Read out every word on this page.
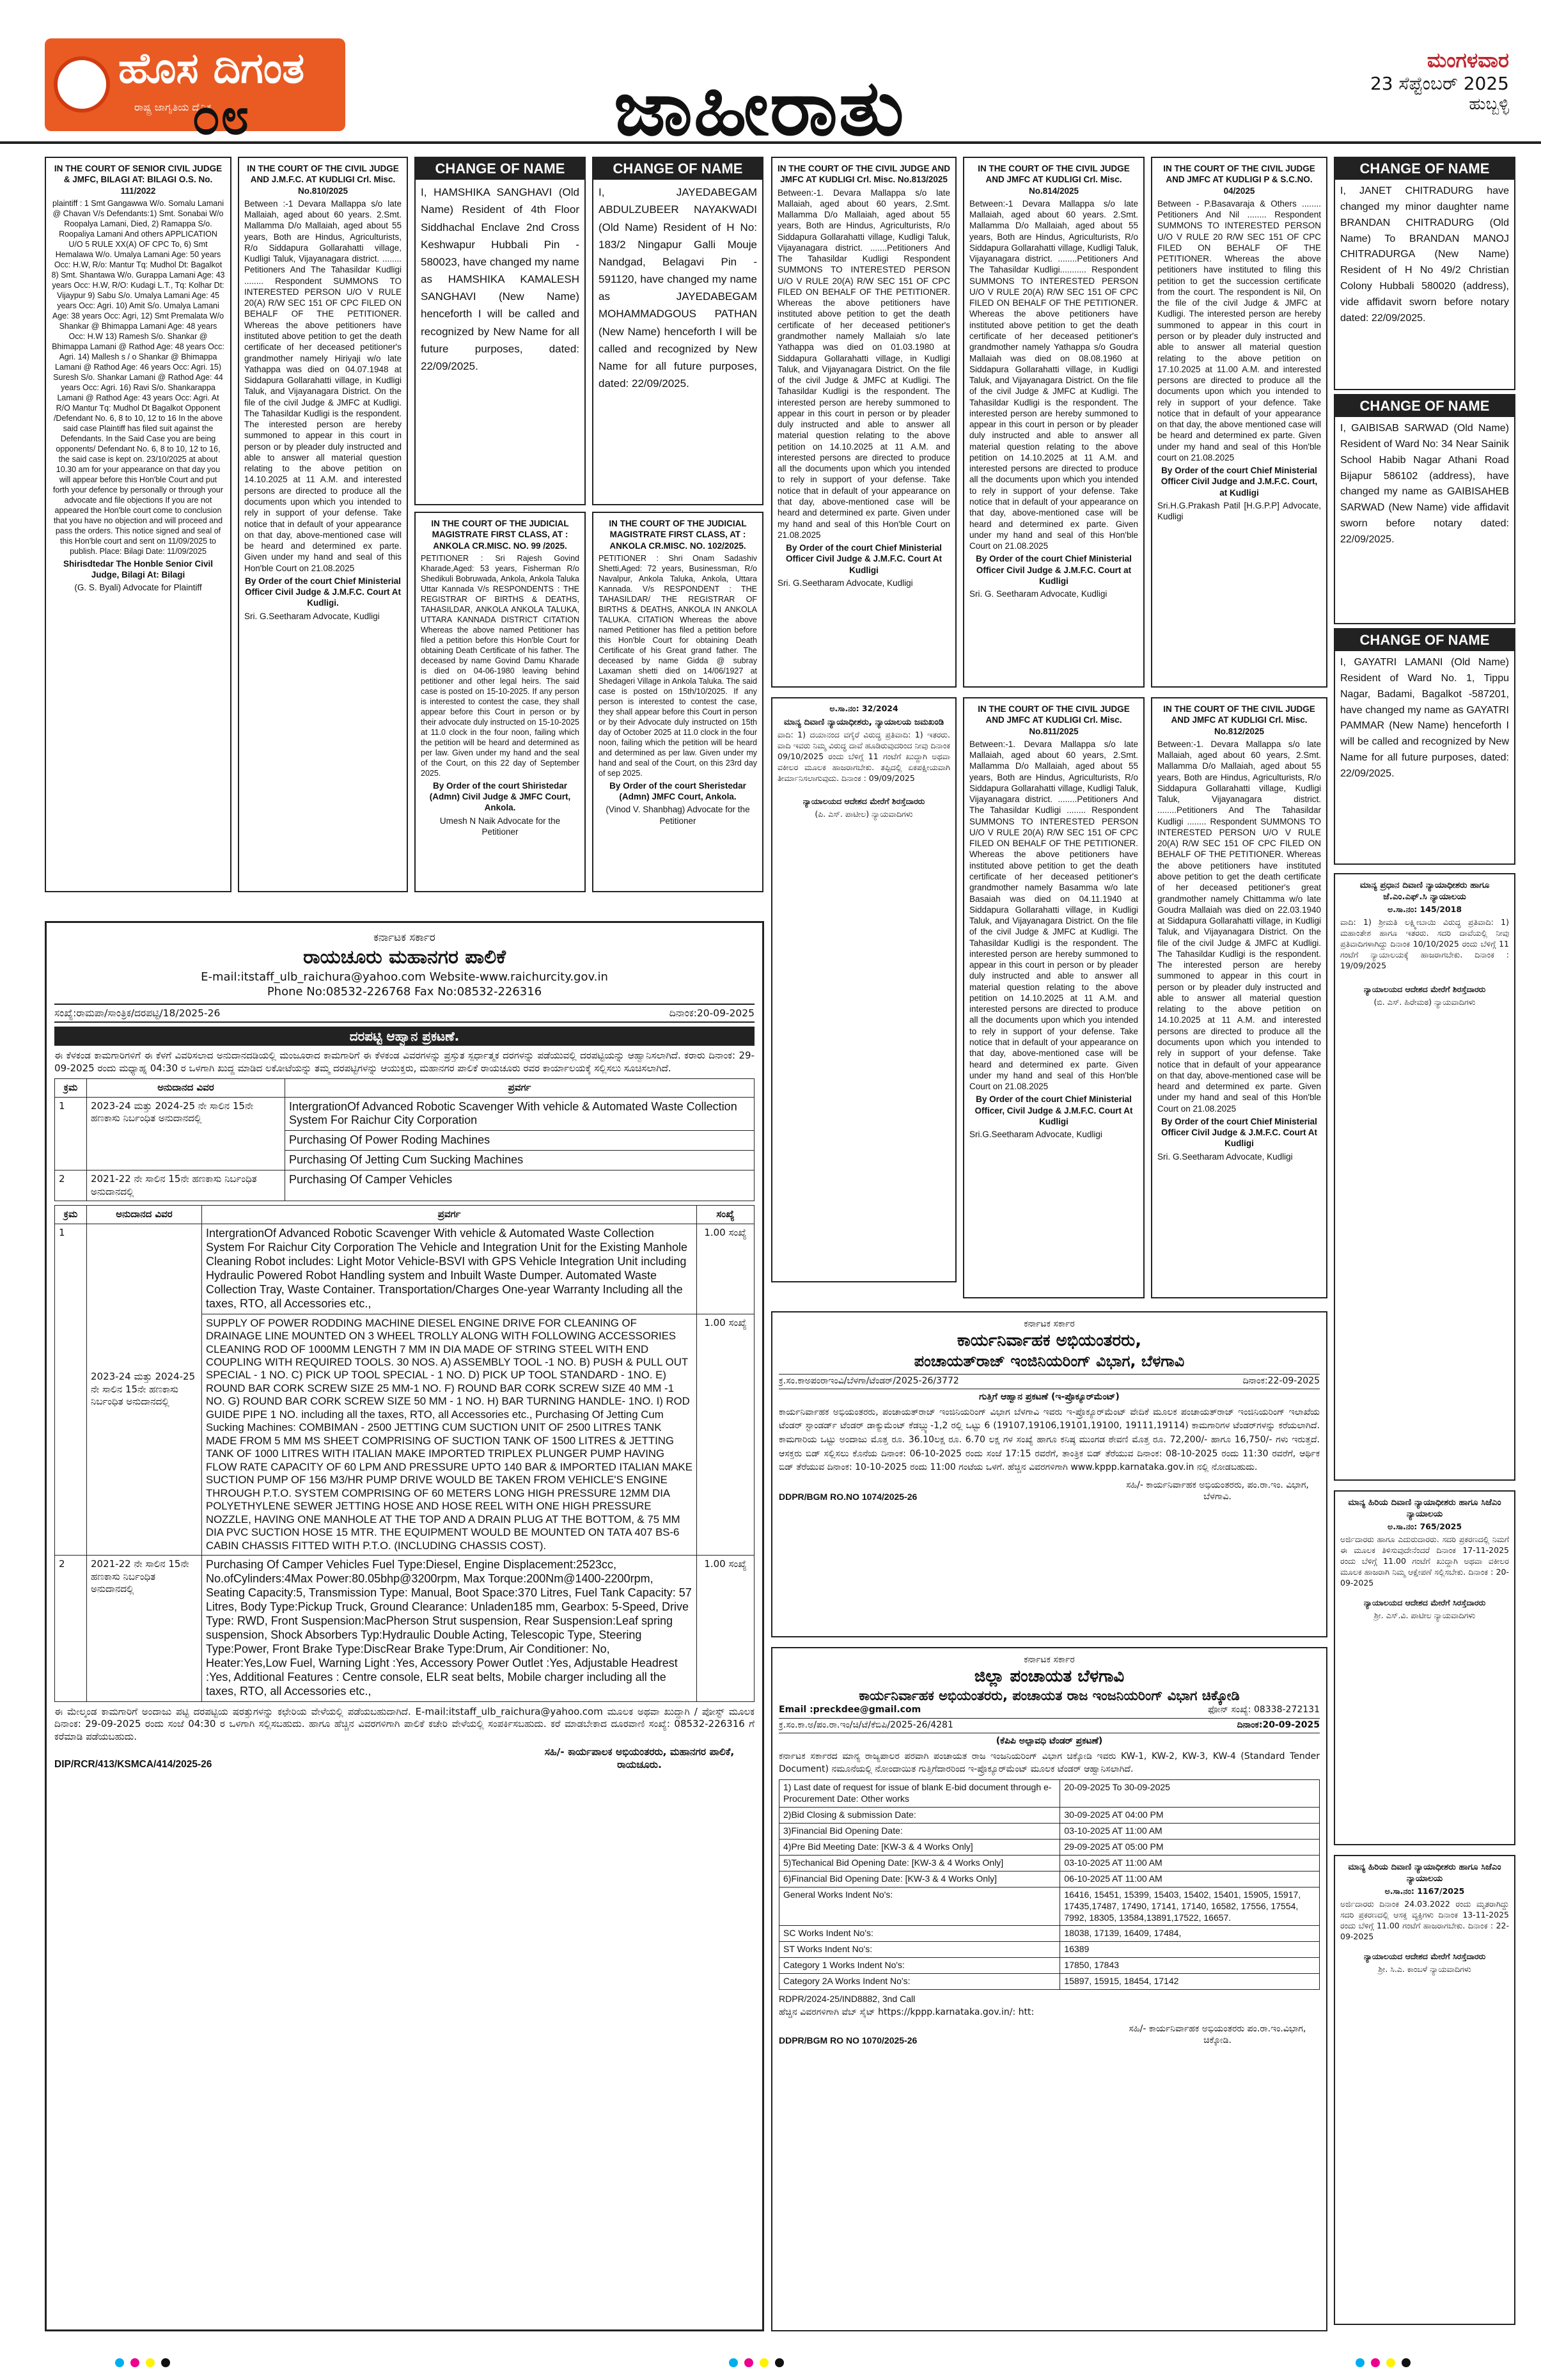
ಹೊಸ ದಿಗಂತ
ರಾಷ್ಟ್ರ ಜಾಗೃತಿಯ ದೈನಿಕ
೦೮	ಜಾಹೀರಾತು
ಮಂಗಳವಾರ
23 ಸೆಪ್ಟೆಂಬರ್ 2025
ಹುಬ್ಬಳ್ಳಿ
IN THE COURT OF SENIOR CIVIL JUDGE & JMFC, BILAGI AT: BILAGI O.S. No. 111/2022

plaintiff : 1 Smt Gangawwa W/o. Somalu Lamani @ Chavan V/s Defendants:1) Smt. Sonabai W/o Roopalya Lamani, Died, 2) Ramappa S/o. Roopaliya Lamani And others APPLICATION U/O 5 RULE XX(A) OF CPC To, 6) Smt Hemalawa W/o. Umalya Lamani Age: 50 years Occ: H.W, R/o: Mantur Tq: Mudhol Dt: Bagalkot 8) Smt. Shantawa W/o. Gurappa Lamani Age: 43 years Occ: H.W, R/O: Kudagi L.T., Tq: Kolhar Dt: Vijaypur 9) Sabu S/o. Umalya Lamani Age: 45 years Occ: Agri. 10) Amit S/o. Umalya Lamani Age: 38 years Occ: Agri, 12) Smt Premalata W/o Shankar @ Bhimappa Lamani Age: 48 years Occ: H.W 13) Ramesh S/o. Shankar @ Bhimappa Lamani @ Rathod Age: 48 years Occ: Agri. 14) Mallesh s / o Shankar @ Bhimappa Lamani @ Rathod Age: 46 years Occ: Agri. 15) Suresh S/o. Shankar Lamani @ Rathod Age: 44 years Occ: Agri. 16) Ravi S/o. Shankarappa Lamani @ Rathod Age: 43 years Occ: Agri. At R/O Mantur Tq: Mudhol Dt Bagalkot Opponent /Defendant No. 6, 8 to 10, 12 to 16 In the above said case Plaintiff has filed suit against the Defendants. In the Said Case you are being opponents/ Defendant No. 6, 8 to 10, 12 to 16, the said case is kept on. 23/10/2025 at about 10.30 am for your appearance on that day you will appear before this Hon'ble Court and put forth your defence by personally or through your advocate and file objections If you are not appeared the Hon'ble court come to conclusion that you have no objection and will proceed and pass the orders. This notice signed and seal of this Hon'ble court and sent on 11/09/2025 to publish. Place: Bilagi Date: 11/09/2025

Shirisdtedar The Honble Senior Civil Judge, Bilagi At: Bilagi

(G. S. Byali) Advocate for Plaintiff

IN THE COURT OF THE CIVIL JUDGE AND J.M.F.C. AT KUDLIGI Crl. Misc. No.810/2025

Between :-1 Devara Mallappa s/o late Mallaiah, aged about 60 years. 2.Smt. Mallamma D/o Mallaiah, aged about 55 years, Both are Hindus, Agriculturists, R/o Siddapura Gollarahatti village, Kudligi Taluk, Vijayanagara district. ........ Petitioners And The Tahasildar Kudligi ........ Respondent SUMMONS TO INTERESTED PERSON U/O V RULE 20(A) R/W SEC 151 OF CPC FILED ON BEHALF OF THE PETITIONER. Whereas the above petitioners have instituted above petition to get the death certificate of her deceased petitioner's grandmother namely Hiriyaji w/o late Yathappa was died on 04.07.1948 at Siddapura Gollarahatti village, in Kudligi Taluk, and Vijayanagara District. On the file of the civil Judge & JMFC at Kudligi. The Tahasildar Kudligi is the respondent. The interested person are hereby summoned to appear in this court in person or by pleader duly instructed and able to answer all material question relating to the above petition on 14.10.2025 at 11 A.M. and interested persons are directed to produce all the documents upon which you intended to rely in support of your defense. Take notice that in default of your appearance on that day, above-mentioned case will be heard and determined ex parte. Given under my hand and seal of this Hon'ble Court on 21.08.2025

By Order of the court Chief Ministerial Officer Civil Judge & J.M.F.C. Court At Kudligi.

Sri. G.Seetharam Advocate, Kudligi

CHANGE OF NAME

I, HAMSHIKA SANGHAVI (Old Name) Resident of 4th Floor Siddhachal Enclave 2nd Cross Keshwapur Hubbali Pin - 580023, have changed my name as HAMSHIKA KAMALESH SANGHAVI (New Name) henceforth I will be called and recognized by New Name for all future purposes, dated: 22/09/2025.

CHANGE OF NAME

I, JAYEDABEGAM ABDULZUBEER NAYAKWADI (Old Name) Resident of H No: 183/2 Ningapur Galli Mouje Nandgad, Belagavi Pin - 591120, have changed my name as JAYEDABEGAM MOHAMMADGOUS PATHAN (New Name) henceforth I will be called and recognized by New Name for all future purposes, dated: 22/09/2025.

IN THE COURT OF THE JUDICIAL MAGISTRATE FIRST CLASS, AT : ANKOLA CR.MISC. NO. 99 /2025.

PETITIONER : Sri Rajesh Govind Kharade,Aged: 53 years, Fisherman R/o Shedikuli Bobruwada, Ankola, Ankola Taluka Uttar Kannada V/s RESPONDENTS : THE REGISTRAR OF BIRTHS & DEATHS, TAHASILDAR, ANKOLA ANKOLA TALUKA, UTTARA KANNADA DISTRICT CITATION Whereas the above named Petitioner has filed a petition before this Hon'ble Court for obtaining Death Certificate of his father. The deceased by name Govind Damu Kharade is died on 04-06-1980 leaving behind petitioner and other legal heirs. The said case is posted on 15-10-2025. If any person is interested to contest the case, they shall appear before this Court in person or by their advocate duly instructed on 15-10-2025 at 11.0 clock in the four noon, failing which the petition will be heard and determined as per law. Given under my hand and the seal of the Court, on this 22 day of September 2025.

By Order of the court Shiristedar (Admn) Civil Judge & JMFC Court, Ankola.

Umesh N Naik Advocate for the Petitioner

IN THE COURT OF THE JUDICIAL MAGISTRATE FIRST CLASS, AT : ANKOLA CR.MISC. NO. 102/2025.

PETITIONER : Shri Onam Sadashiv Shetti,Aged: 72 years, Businessman, R/o Navalpur, Ankola Taluka, Ankola, Uttara Kannada. V/s RESPONDENT : THE TAHASILDAR/ THE REGISTRAR OF BIRTHS & DEATHS, ANKOLA IN ANKOLA TALUKA. CITATION Whereas the above named Petitioner has filed a petition before this Hon'ble Court for obtaining Death Certificate of his Great grand father. The deceased by name Gidda @ subray Laxaman shetti died on 14/06/1927 at Shedageri Village in Ankola Taluka. The said case is posted on 15th/10/2025. If any person is interested to contest the case, they shall appear before this Court in person or by their Advocate duly instructed on 15th day of October 2025 at 11.0 clock in the four noon, failing which the petition will be heard and determined as per law. Given under my hand and seal of the Court, on this 23rd day of sep 2025.

By Order of the court Sheristedar (Admn) JMFC Court, Ankola.

(Vinod V. Shanbhag) Advocate for the Petitioner

IN THE COURT OF THE CIVIL JUDGE AND JMFC AT KUDLIGI Crl. Misc. No.813/2025

Between:-1. Devara Mallappa s/o late Mallaiah, aged about 60 years, 2.Smt. Mallamma D/o Mallaiah, aged about 55 years, Both are Hindus, Agriculturists, R/o Siddapura Gollarahatti village, Kudligi Taluk, Vijayanagara district. .......Petitioners And The Tahasildar Kudligi Respondent SUMMONS TO INTERESTED PERSON U/O V RULE 20(A) R/W SEC 151 OF CPC FILED ON BEHALF OF THE PETITIONER. Whereas the above petitioners have instituted above petition to get the death certificate of her deceased petitioner's grandmother namely Mallaiah s/o late Yathappa was died on 01.03.1980 at Siddapura Gollarahatti village, in Kudligi Taluk, and Vijayanagara District. On the file of the civil Judge & JMFC at Kudligi. The Tahasildar Kudligi is the respondent. The interested person are hereby summoned to appear in this court in person or by pleader duly instructed and able to answer all material question relating to the above petition on 14.10.2025 at 11 A.M. and interested persons are directed to produce all the documents upon which you intended to rely in support of your defense. Take notice that in default of your appearance on that day, above-mentioned case will be heard and determined ex parte. Given under my hand and seal of this Hon'ble Court on 21.08.2025

By Order of the court Chief Ministerial Officer Civil Judge & J.M.F.C. Court At Kudligi

Sri. G.Seetharam Advocate, Kudligi

IN THE COURT OF THE CIVIL JUDGE AND JMFC AT KUDLIGI Crl. Misc. No.814/2025

Between:-1 Devara Mallappa s/o late Mallaiah, aged about 60 years. 2.Smt. Mallamma D/o Mallaiah, aged about 55 years, Both are Hindus, Agriculturists, R/o Siddapura Gollarahatti village, Kudligi Taluk, Vijayanagara district. ........Petitioners And The Tahasildar Kudligi........... Respondent SUMMONS TO INTERESTED PERSON U/O V RULE 20(A) R/W SEC 151 OF CPC FILED ON BEHALF OF THE PETITIONER. Whereas the above petitioners have instituted above petition to get the death certificate of her deceased petitioner's grandmother namely Yathappa s/o Goudra Mallaiah was died on 08.08.1960 at Siddapura Gollarahatti village, in Kudligi Taluk, and Vijayanagara District. On the file of the civil Judge & JMFC at Kudligi. The Tahasildar Kudligi is the respondent. The interested person are hereby summoned to appear in this court in person or by pleader duly instructed and able to answer all material question relating to the above petition on 14.10.2025 at 11 A.M. and interested persons are directed to produce all the documents upon which you intended to rely in support of your defense. Take notice that in default of your appearance on that day, above-mentioned case will be heard and determined ex parte. Given under my hand and seal of this Hon'ble Court on 21.08.2025

By Order of the court Chief Ministerial Officer Civil Judge & J.M.F.C. Court at Kudligi

Sri. G. Seetharam Advocate, Kudligi

IN THE COURT OF THE CIVIL JUDGE AND JMFC AT KUDLIGI P & S.C.NO. 04/2025

Between - P.Basavaraja & Others ........ Petitioners And Nil ........ Respondent SUMMONS TO INTERESTED PERSON U/O V RULE 20 R/W SEC 151 OF CPC FILED ON BEHALF OF THE PETITIONER. Whereas the above petitioners have instituted to filing this petition to get the succession certificate from the court. The respondent is Nil, On the file of the civil Judge & JMFC at Kudligi. The interested person are hereby summoned to appear in this court in person or by pleader duly instructed and able to answer all material question relating to the above petition on 17.10.2025 at 11.00 A.M. and interested persons are directed to produce all the documents upon which you intended to rely in support of your defence. Take notice that in default of your appearance on that day, the above mentioned case will be heard and determined ex parte. Given under my hand and seal of this Hon'ble court on 21.08.2025

By Order of the court Chief Ministerial Officer Civil Judge and J.M.F.C. Court, at Kudligi

Sri.H.G.Prakash Patil [H.G.P.P] Advocate, Kudligi

CHANGE OF NAME

I, JANET CHITRADURG have changed my minor daughter name BRANDAN CHITRADURG (Old Name) To BRANDAN MANOJ CHITRADURGA (New Name) Resident of H No 49/2 Christian Colony Hubbali 580020 (address), vide affidavit sworn before notary dated: 22/09/2025.

CHANGE OF NAME

I, GAIBISAB SARWAD (Old Name) Resident of Ward No: 34 Near Sainik School Habib Nagar Athani Road Bijapur 586102 (address), have changed my name as GAIBISAHEB SARWAD (New Name) vide affidavit sworn before notary dated: 22/09/2025.

CHANGE OF NAME

I, GAYATRI LAMANI (Old Name) Resident of Ward No. 1, Tippu Nagar, Badami, Bagalkot -587201, have changed my name as GAYATRI PAMMAR (New Name) henceforth I will be called and recognized by New Name for all future purposes, dated: 22/09/2025.

ಅ.ಸಾ.ನಂ: 32/2024

ಮಾನ್ಯ ದಿವಾಣಿ ನ್ಯಾಯಾಧೀಶರು, ನ್ಯಾಯಾಲಯ ಜಮಖಂಡಿ

ವಾದಿ: 1) ದಯಾನಂದ ವಗೈರೆ ವಿರುದ್ಧ ಪ್ರತಿವಾದಿ: 1) ಇತರರು. ವಾದಿ ಇವರು ನಿಮ್ಮ ವಿರುದ್ಧ ದಾವೆ ಹೂಡಿರುವುದರಿಂದ ನೀವು ದಿನಾಂಕ 09/10/2025 ರಂದು ಬೆಳಿಗ್ಗೆ 11 ಗಂಟೆಗೆ ಖುದ್ದಾಗಿ ಅಥವಾ ವಕೀಲರ ಮೂಲಕ ಹಾಜರಾಗಬೇಕು. ತಪ್ಪಿದಲ್ಲಿ ಏಕಪಕ್ಷೀಯವಾಗಿ ತೀರ್ಮಾನಿಸಲಾಗುವುದು. ದಿನಾಂಕ : 09/09/2025

ನ್ಯಾಯಾಲಯದ ಆದೇಶದ ಮೇರೆಗೆ ಶಿರಸ್ತೆದಾರರು

(ಪಿ. ಎಸ್. ಪಾಟೀಲ) ನ್ಯಾಯವಾದಿಗಳು

IN THE COURT OF THE CIVIL JUDGE AND JMFC AT KUDLIGI Crl. Misc. No.811/2025

Between:-1. Devara Mallappa s/o late Mallaiah, aged about 60 years, 2.Smt. Mallamma D/o Mallaiah, aged about 55 years, Both are Hindus, Agriculturists, R/o Siddapura Gollarahatti village, Kudligi Taluk, Vijayanagara district. ........Petitioners And The Tahasildar Kudligi ........ Respondent SUMMONS TO INTERESTED PERSON U/O V RULE 20(A) R/W SEC 151 OF CPC FILED ON BEHALF OF THE PETITIONER. Whereas the above petitioners have instituted above petition to get the death certificate of her deceased petitioner's grandmother namely Basamma w/o late Basaiah was died on 04.11.1940 at Siddapura Gollarahatti village, in Kudligi Taluk, and Vijayanagara District. On the file of the civil Judge & JMFC at Kudligi. The Tahasildar Kudligi is the respondent. The interested person are hereby summoned to appear in this court in person or by pleader duly instructed and able to answer all material question relating to the above petition on 14.10.2025 at 11 A.M. and interested persons are directed to produce all the documents upon which you intended to rely in support of your defense. Take notice that in default of your appearance on that day, above-mentioned case will be heard and determined ex parte. Given under my hand and seal of this Hon'ble Court on 21.08.2025

By Order of the court Chief Ministerial Officer, Civil Judge & J.M.F.C. Court At Kudligi

Sri.G.Seetharam Advocate, Kudligi

IN THE COURT OF THE CIVIL JUDGE AND JMFC AT KUDLIGI Crl. Misc. No.812/2025

Between:-1. Devara Mallappa s/o late Mallaiah, aged about 60 years, 2.Smt. Mallamma D/o Mallaiah, aged about 55 years, Both are Hindus, Agriculturists, R/o Siddapura Gollarahatti village, Kudligi Taluk, Vijayanagara district. ........Petitioners And The Tahasildar Kudligi ........ Respondent SUMMONS TO INTERESTED PERSON U/O V RULE 20(A) R/W SEC 151 OF CPC FILED ON BEHALF OF THE PETITIONER. Whereas the above petitioners have instituted above petition to get the death certificate of her deceased petitioner's great grandmother namely Chittamma w/o late Goudra Mallaiah was died on 22.03.1940 at Siddapura Gollarahatti village, in Kudligi Taluk, and Vijayanagara District. On the file of the civil Judge & JMFC at Kudligi. The Tahasildar Kudligi is the respondent. The interested person are hereby summoned to appear in this court in person or by pleader duly instructed and able to answer all material question relating to the above petition on 14.10.2025 at 11 A.M. and interested persons are directed to produce all the documents upon which you intended to rely in support of your defense. Take notice that in default of your appearance on that day, above-mentioned case will be heard and determined ex parte. Given under my hand and seal of this Hon'ble Court on 21.08.2025

By Order of the court Chief Ministerial Officer Civil Judge & J.M.F.C. Court At Kudligi

Sri. G.Seetharam Advocate, Kudligi

ಮಾನ್ಯ ಪ್ರಧಾನ ದಿವಾಣಿ ನ್ಯಾಯಾಧೀಶರು ಹಾಗೂ ಜೆ.ಎಂ.ಎಫ್.ಸಿ ನ್ಯಾಯಾಲಯ

ಅ.ಸಾ.ನಂ: 145/2018

ವಾದಿ: 1) ಶ್ರೀಮತಿ ಲಕ್ಷ್ಮೀಬಾಯಿ ವಿರುದ್ಧ ಪ್ರತಿವಾದಿ: 1) ಮಹಾಂತೇಶ ಹಾಗೂ ಇತರರು. ಸದರಿ ದಾವೆಯಲ್ಲಿ ನೀವು ಪ್ರತಿವಾದಿಗಳಾಗಿದ್ದು ದಿನಾಂಕ 10/10/2025 ರಂದು ಬೆಳಿಗ್ಗೆ 11 ಗಂಟೆಗೆ ನ್ಯಾಯಾಲಯಕ್ಕೆ ಹಾಜರಾಗಬೇಕು. ದಿನಾಂಕ : 19/09/2025

ನ್ಯಾಯಾಲಯದ ಆದೇಶದ ಮೇರೆಗೆ ಶಿರಸ್ತೆದಾರರು

(ಬಿ. ಎಸ್. ಹಿರೇಮಠ) ನ್ಯಾಯವಾದಿಗಳು

ಮಾನ್ಯ ಹಿರಿಯ ದಿವಾಣಿ ನ್ಯಾಯಾಧೀಶರು ಹಾಗೂ ಸಿಜೆಎಂ ನ್ಯಾಯಾಲಯ

ಅ.ಸಾ.ನಂ: 765/2025

ಅರ್ಜಿದಾರರು ಹಾಗೂ ಎದುರುದಾರರು. ಸದರಿ ಪ್ರಕರಣದಲ್ಲಿ ನಿಮಗೆ ಈ ಮೂಲಕ ತಿಳಿಸುವುದೇನೆಂದರೆ ದಿನಾಂಕ 17-11-2025 ರಂದು ಬೆಳಿಗ್ಗೆ 11.00 ಗಂಟೆಗೆ ಖುದ್ದಾಗಿ ಅಥವಾ ವಕೀಲರ ಮೂಲಕ ಹಾಜರಾಗಿ ನಿಮ್ಮ ಆಕ್ಷೇಪಣೆ ಸಲ್ಲಿಸಬೇಕು. ದಿನಾಂಕ : 20-09-2025

ನ್ಯಾಯಾಲಯದ ಆದೇಶದ ಮೇರೆಗೆ ಸಿರಸ್ತೆದಾರರು

ಶ್ರೀ. ಎಸ್.ವಿ. ಪಾಟೀಲ ನ್ಯಾಯವಾದಿಗಳು

ಮಾನ್ಯ ಹಿರಿಯ ದಿವಾಣಿ ನ್ಯಾಯಾಧೀಶರು ಹಾಗೂ ಸಿಜೆಎಂ ನ್ಯಾಯಾಲಯ

ಅ.ಸಾ.ನಂ: 1167/2025

ಅರ್ಜಿದಾರರು ದಿನಾಂಕ 24.03.2022 ರಂದು ಮೃತರಾಗಿದ್ದು ಸದರಿ ಪ್ರಕರಣದಲ್ಲಿ ಆಸಕ್ತ ವ್ಯಕ್ತಿಗಳು ದಿನಾಂಕ 13-11-2025 ರಂದು ಬೆಳಿಗ್ಗೆ 11.00 ಗಂಟೆಗೆ ಹಾಜರಾಗಬೇಕು. ದಿನಾಂಕ : 22-09-2025

ನ್ಯಾಯಾಲಯದ ಆದೇಶದ ಮೇರೆಗೆ ಸಿರಸ್ತೆದಾರರು

ಶ್ರೀ. ಸಿ.ಎ. ಕಾಂಬಳೆ ನ್ಯಾಯವಾದಿಗಳು

ಕರ್ನಾಟಕ ಸರ್ಕಾರ
ರಾಯಚೂರು ಮಹಾನಗರ ಪಾಲಿಕೆ
E-mail:itstaff_ulb_raichura@yahoo.com Website-www.raichurcity.gov.in
Phone No:08532-226768 Fax No:08532-226316
ಸಂಖ್ಯೆ:ರಾಮಪಾ/ಸಾಂತ್ರಿಕ/ದರಪಟ್ಟಿ/18/2025-26	ದಿನಾಂಕ:20-09-2025
ದರಪಟ್ಟಿ ಆಹ್ವಾನ ಪ್ರಕಟಣೆ.

ಈ ಕೆಳಕಂಡ ಕಾಮಗಾರಿಗಳಿಗೆ ಈ ಕೆಳಗೆ ವಿವರಿಸಲಾದ ಅನುದಾನದಡಿಯಲ್ಲಿ ಮಂಜೂರಾದ ಕಾಮಗಾರಿಗೆ ಈ ಕೆಳಕಂಡ ವಿವರಗಳನ್ನು ಪ್ರಸ್ತುತ ಸ್ಪರ್ಧಾತ್ಮಕ ದರಗಳನ್ನು ಪಡೆಯುವಲ್ಲಿ ದರಪಟ್ಟಿಯನ್ನು ಆಹ್ವಾನಿಸಲಾಗಿದೆ. ಕರಾರು ದಿನಾಂಕ: 29-09-2025 ರಂದು ಮಧ್ಯಾಹ್ನ 04:30 ರ ಒಳಗಾಗಿ ಖುದ್ದ ಮಾಡಿದ ಲಕೋಟೆಯನ್ನು ತಮ್ಮ ದರಪಟ್ಟಿಗಳನ್ನು ಆಯುಕ್ತರು, ಮಹಾನಗರ ಪಾಲಿಕೆ ರಾಯಚೂರು ರವರ ಕಾರ್ಯಾಲಯಕ್ಕೆ ಸಲ್ಲಿಸಲು ಸೂಚಿಸಲಾಗಿದೆ.

ಕ್ರಮ	ಅನುದಾನದ ವಿವರ	ಪ್ರವರ್ಗ
1	2023-24 ಮತ್ತು 2024-25 ನೇ ಸಾಲಿನ 15ನೇ ಹಣಕಾಸು ನಿರ್ಬಂಧಿತ ಅನುದಾನದಲ್ಲಿ	IntergrationOf Advanced Robotic Scavenger With vehicle & Automated Waste Collection System For Raichur City Corporation
		Purchasing Of Power Roding Machines
		Purchasing Of Jetting Cum Sucking Machines
2	2021-22 ನೇ ಸಾಲಿನ 15ನೇ ಹಣಕಾಸು ನಿರ್ಬಂಧಿತ ಅನುದಾನದಲ್ಲಿ	Purchasing Of Camper Vehicles
ಕ್ರಮ	ಅನುದಾನದ ವಿವರ	ಪ್ರವರ್ಗ	ಸಂಖ್ಯೆ
1	2023-24 ಮತ್ತು 2024-25 ನೇ ಸಾಲಿನ 15ನೇ ಹಣಕಾಸು ನಿರ್ಬಂಧಿತ ಅನುದಾನದಲ್ಲಿ	IntergrationOf Advanced Robotic Scavenger With vehicle & Automated Waste Collection System For Raichur City Corporation The Vehicle and Integration Unit for the Existing Manhole Cleaning Robot includes: Light Motor Vehicle-BSVI with GPS Vehicle Integration Unit including Hydraulic Powered Robot Handling system and Inbuilt Waste Dumper. Automated Waste Collection Tray, Waste Container. Transportation/Charges One-year Warranty Including all the taxes, RTO, all Accessories etc.,	1.00 ಸಂಖ್ಯೆ
		SUPPLY OF POWER RODDING MACHINE DIESEL ENGINE DRIVE FOR CLEANING OF DRAINAGE LINE MOUNTED ON 3 WHEEL TROLLY ALONG WITH FOLLOWING ACCESSORIES CLEANING ROD OF 1000MM LENGTH 7 MM IN DIA MADE OF STRING STEEL WITH END COUPLING WITH REQUIRED TOOLS. 30 NOS. A) ASSEMBLY TOOL -1 NO. B) PUSH & PULL OUT SPECIAL - 1 NO. C) PICK UP TOOL SPECIAL - 1 NO. D) PICK UP TOOL STANDARD - 1NO. E) ROUND BAR CORK SCREW SIZE 25 MM-1 NO. F) ROUND BAR CORK SCREW SIZE 40 MM -1 NO. G) ROUND BAR CORK SCREW SIZE 50 MM - 1 NO. H) BAR TURNING HANDLE- 1NO. I) ROD GUIDE PIPE 1 NO. including all the taxes, RTO, all Accessories etc., Purchasing Of Jetting Cum Sucking Machines: COMBIMAN - 2500 JETTING CUM SUCTION UNIT OF 2500 LITRES TANK MADE FROM 5 MM MS SHEET COMPRISING OF SUCTION TANK OF 1500 LITRES & JETTING TANK OF 1000 LITRES WITH ITALIAN MAKE IMPORTED TRIPLEX PLUNGER PUMP HAVING FLOW RATE CAPACITY OF 60 LPM AND PRESSURE UPTO 140 BAR & IMPORTED ITALIAN MAKE SUCTION PUMP OF 156 M3/HR PUMP DRIVE WOULD BE TAKEN FROM VEHICLE'S ENGINE THROUGH P.T.O. SYSTEM COMPRISING OF 60 METERS LONG HIGH PRESSURE 12MM DIA POLYETHYLENE SEWER JETTING HOSE AND HOSE REEL WITH ONE HIGH PRESSURE NOZZLE, HAVING ONE MANHOLE AT THE TOP AND A DRAIN PLUG AT THE BOTTOM, & 75 MM DIA PVC SUCTION HOSE 15 MTR. THE EQUIPMENT WOULD BE MOUNTED ON TATA 407 BS-6 CABIN CHASSIS FITTED WITH P.T.O. (INCLUDING CHASSIS COST).	1.00 ಸಂಖ್ಯೆ
2	2021-22 ನೇ ಸಾಲಿನ 15ನೇ ಹಣಕಾಸು ನಿರ್ಬಂಧಿತ ಅನುದಾನದಲ್ಲಿ	Purchasing Of Camper Vehicles Fuel Type:Diesel, Engine Displacement:2523cc, No.ofCylinders:4Max Power:80.05bhp@3200rpm, Max Torque:200Nm@1400-2200rpm, Seating Capacity:5, Transmission Type: Manual, Boot Space:370 Litres, Fuel Tank Capacity: 57 Litres, Body Type:Pickup Truck, Ground Clearance: Unladen185 mm, Gearbox: 5-Speed, Drive Type: RWD, Front Suspension:MacPherson Strut suspension, Rear Suspension:Leaf spring suspension, Shock Absorbers Typ:Hydraulic Double Acting, Telescopic Type, Steering Type:Power, Front Brake Type:DiscRear Brake Type:Drum, Air Conditioner: No, Heater:Yes,Low Fuel, Warning Light :Yes, Accessory Power Outlet :Yes, Adjustable Headrest :Yes, Additional Features : Centre console, ELR seat belts, Mobile charger including all the taxes, RTO, all Accessories etc.,	1.00 ಸಂಖ್ಯೆ

ಈ ಮೇಲ್ಕಂಡ ಕಾಮಗಾರಿಗೆ ಅಂದಾಜು ಪಟ್ಟಿ ದರಪಟ್ಟಿಯ ಷರತ್ತುಗಳನ್ನು ಕಛೇರಿಯ ವೇಳೆಯಲ್ಲಿ ಪಡೆಯಬಹುದಾಗಿದೆ. E-mail:itstaff_ulb_raichura@yahoo.com ಮೂಲಕ ಅಥವಾ ಖುದ್ದಾಗಿ / ಪೋಸ್ಟ್ ಮೂಲಕ ದಿನಾಂಕ: 29-09-2025 ರಂದು ಸಂಜೆ 04:30 ರ ಒಳಗಾಗಿ ಸಲ್ಲಿಸಬಹುದು. ಹಾಗೂ ಹೆಚ್ಚಿನ ವಿವರಗಳಿಗಾಗಿ ಪಾಲಿಕೆ ಕಚೇರಿ ವೇಳೆಯಲ್ಲಿ ಸಂಪರ್ಕಿಸಬಹುದು. ಕರೆ ಮಾಡಬೇಕಾದ ದೂರವಾಣಿ ಸಂಖ್ಯೆ: 08532-226316 ಗೆ ಕರೆಮಾಡಿ ಪಡೆಯಬಹುದು.

DIP/RCR/413/KSMCA/414/2025-26
ಸಹಿ/- ಕಾರ್ಯಪಾಲಕ ಅಭಿಯಂತರರು, ಮಹಾನಗರ ಪಾಲಿಕೆ, ರಾಯಚೂರು.
ಕರ್ನಾಟಕ ಸರ್ಕಾರ
ಕಾರ್ಯನಿರ್ವಾಹಕ ಅಭಿಯಂತರರು,
ಪಂಚಾಯತ್‌ರಾಜ್ ಇಂಜಿನಿಯರಿಂಗ್ ವಿಭಾಗ, ಬೆಳಗಾವಿ
ಕ್ರ.ಸಂ.ಕಾಅಪಂರಾಇಂವಿ/ಬೆಳಗಾ/ಟೆಂಡರ್/2025-26/3772	ದಿನಾಂಕ:22-09-2025
ಗುತ್ತಿಗೆ ಆಹ್ವಾನ ಪ್ರಕಟಣೆ (ಇ-ಪ್ರೊಕ್ಯೂರ್‌ಮೆಂಟ್)

ಕಾರ್ಯನಿರ್ವಾಹಕ ಅಭಿಯಂತರರು, ಪಂಚಾಯತ್‌ರಾಜ್ ಇಂಜಿನಿಯರಿಂಗ್ ವಿಭಾಗ ಬೆಳಗಾವಿ ಇವರು ಇ-ಪ್ರೊಕ್ಯೂರ್‌ಮೆಂಟ್ ವೇದಿಕೆ ಮೂಲಕ ಪಂಚಾಯತ್‌ರಾಜ್ ಇಂಜಿನಿಯರಿಂಗ್ ಇಲಾಖೆಯ ಟೆಂಡರ್ ಸ್ಟಾಂಡರ್ಡ್ ಟೆಂಡರ್ ಡಾಕ್ಯುಮೆಂಟ್ ಕೆಡಬ್ಲ್ಯು-1,2 ರಲ್ಲಿ ಒಟ್ಟು 6 (19107,19106,19101,19100, 19111,19114) ಕಾಮಗಾರಿಗಳ ಟೆಂಡರ್‌ಗಳನ್ನು ಕರೆಯಲಾಗಿದೆ. ಕಾಮಗಾರಿಯ ಒಟ್ಟು ಅಂದಾಜು ಮೊತ್ತ ರೂ. 36.10ಲಕ್ಷ ರೂ. 6.70 ಲಕ್ಷ ಗಳ ಸಂಖ್ಯೆ ಹಾಗೂ ಕನಿಷ್ಠ ಮುಂಗಡ ಠೇವಣಿ ಮೊತ್ತ ರೂ. 72,200/- ಹಾಗೂ 16,750/- ಗಳು ಇರುತ್ತದೆ. ಆಸಕ್ತರು ಬಿಡ್ ಸಲ್ಲಿಸಲು ಕೊನೆಯ ದಿನಾಂಕ: 06-10-2025 ರಂದು ಸಂಜೆ 17:15 ರವರೆಗೆ, ತಾಂತ್ರಿಕ ಬಿಡ್ ತೆರೆಯುವ ದಿನಾಂಕ: 08-10-2025 ರಂದು 11:30 ರವರೆಗೆ, ಆರ್ಥಿಕ ಬಿಡ್ ತೆರೆಯುವ ದಿನಾಂಕ: 10-10-2025 ರಂದು 11:00 ಗಂಟೆಯ ಒಳಗೆ. ಹೆಚ್ಚಿನ ವಿವರಗಳಿಗಾಗಿ www.kppp.karnataka.gov.in ನಲ್ಲಿ ನೋಡಬಹುದು.

DDPR/BGM RO.NO 1074/2025-26
ಸಹಿ/- ಕಾರ್ಯನಿರ್ವಾಹಕ ಅಭಿಯಂತರರು, ಪಂ.ರಾ.ಇಂ. ವಿಭಾಗ, ಬೆಳಗಾವಿ.
ಕರ್ನಾಟಕ ಸರ್ಕಾರ
ಜಿಲ್ಲಾ ಪಂಚಾಯತ ಬೆಳಗಾವಿ
ಕಾರ್ಯನಿರ್ವಾಹಕ ಅಭಿಯಂತರರು, ಪಂಚಾಯತ ರಾಜ ಇಂಜನಿಯರಿಂಗ್ ವಿಭಾಗ ಚಿಕ್ಕೋಡಿ
Email :preckdee@gmail.com	ಫೋನ್ ಸಂಖ್ಯೆ: 08338-272131
ಕ್ರ.ಸಂ.ಕಾ.ಅ/ಪಂ.ರಾ.ಇಂ/ಚಿ/ಟೆ/ಕೆಬಿಪಿ/2025-26/4281	ದಿನಾಂಕ:20-09-2025
(ಕೆಪಿಪಿ ಅಲ್ಪಾವಧಿ ಟೆಂಡರ್ ಪ್ರಕಟಣೆ)

ಕರ್ನಾಟಕ ಸರ್ಕಾರದ ಮಾನ್ಯ ರಾಜ್ಯಪಾಲರ ಪರವಾಗಿ ಪಂಚಾಯತ ರಾಜ ಇಂಜನಿಯರಿಂಗ್ ವಿಭಾಗ ಚಿಕ್ಕೋಡಿ ಇವರು KW-1, KW-2, KW-3, KW-4 (Standard Tender Document) ನಮೂನೆಯಲ್ಲಿ ನೋಂದಾಯಿತ ಗುತ್ತಿಗೆದಾರರಿಂದ ಇ-ಪ್ರೊಕ್ಯೂರ್‌ಮೆಂಟ್ ಮೂಲಕ ಟೆಂಡರ್ ಆಹ್ವಾನಿಸಲಾಗಿದೆ.

1) Last date of request for issue of blank E-bid document through e-Procurement Date: Other works	20-09-2025 To 30-09-2025
2)Bid Closing & submission Date:	30-09-2025 AT 04:00 PM
3)Financial Bid Opening Date:	03-10-2025 AT 11:00 AM
4)Pre Bid Meeting Date: [KW-3 & 4 Works Only]	29-09-2025 AT 05:00 PM
5)Techanical Bid Opening Date: [KW-3 & 4 Works Only]	03-10-2025 AT 11:00 AM
6)Financial Bid Opening Date: [KW-3 & 4 Works Only]	06-10-2025 AT 11:00 AM
General Works Indent No's:	16416, 15451, 15399, 15403, 15402, 15401, 15905, 15917, 17435,17487, 17490, 17141, 17140, 16582, 17556, 17554, 7992, 18305, 13584,13891,17522, 16657.
SC Works Indent No's:	18038, 17139, 16409, 17484,
ST Works Indent No's:	16389
Category 1 Works Indent No's:	17850, 17843
Category 2A Works Indent No's:	15897, 15915, 18454, 17142

RDPR/2024-25/IND8882, 3nd Call

ಹೆಚ್ಚಿನ ವಿವರಗಳಿಗಾಗಿ ವೆಬ್ ಸೈಟ್ https://kppp.karnataka.gov.in/: htt:

DDPR/BGM RO NO 1070/2025-26
ಸಹಿ/- ಕಾರ್ಯನಿರ್ವಾಹಕ ಅಭಿಯಂತರರು ಪಂ.ರಾ.ಇಂ.ವಿಭಾಗ, ಚಿಕ್ಕೋಡಿ.
